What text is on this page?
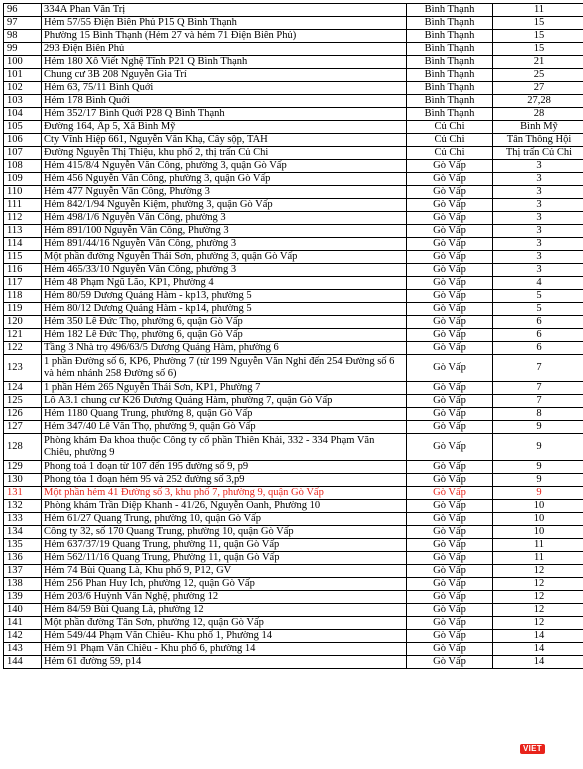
96	334A Phan Văn Trị	Bình Thạnh	11
97	Hẻm 57/55 Điện Biên Phủ P15 Q Bình Thạnh	Bình Thạnh	15
98	Phường 15 Bình Thạnh (Hẻm 27 và hẻm 71 Điện Biên Phủ)	Bình Thạnh	15
99	293 Điện Biên Phủ	Bình Thạnh	15
100	Hẻm 180 Xô Viết Nghệ Tĩnh P21 Q Bình Thạnh	Bình Thạnh	21
101	Chung cư 3B 208 Nguyễn Gia Trí	Bình Thạnh	25
102	Hẻm 63, 75/11 Bình Quới	Bình Thạnh	27
103	Hẻm 178 Bình Quới	Bình Thạnh	27,28
104	Hẻm 352/17 Bình Quới P28 Q Bình Thạnh	Bình Thạnh	28
105	Đường 164, Ấp 5, Xã Bình Mỹ	Củ Chi	Bình Mỹ
106	Cty Vĩnh Hiệp 661, Nguyễn Văn Khạ, Cây sộp, TAH	Củ Chi	Tân Thông Hội
107	Đường Nguyễn Thị Thiệu, khu phố 2, thị trấn Củ Chi	Củ Chi	Thị trấn Củ Chi
108	Hẻm 415/8/4 Nguyễn Văn Công, phường 3, quận Gò Vấp	Gò Vấp	3
109	Hẻm 456 Nguyễn Văn Công, phường 3, quận Gò Vấp	Gò Vấp	3
110	Hẻm 477 Nguyễn Văn Công, Phường 3	Gò Vấp	3
111	Hẻm 842/1/94 Nguyễn Kiệm, phường 3, quận Gò Vấp	Gò Vấp	3
112	Hẻm 498/1/6 Nguyễn Văn Công, phường 3	Gò Vấp	3
113	Hẻm 891/100 Nguyễn Văn Công, Phường 3	Gò Vấp	3
114	Hẻm 891/44/16 Nguyễn Văn Công, phường 3	Gò Vấp	3
115	Một phần đường Nguyễn Thái Sơn, phường 3, quận Gò Vấp	Gò Vấp	3
116	Hẻm 465/33/10 Nguyễn Văn Công, phường 3	Gò Vấp	3
117	Hẻm 48 Phạm Ngũ Lão, KP1, Phường 4	Gò Vấp	4
118	Hẻm 80/59 Dương Quảng Hàm - kp13, phường 5	Gò Vấp	5
119	Hẻm 80/12 Dương Quảng Hàm - kp14, phường 5	Gò Vấp	5
120	Hẻm 350 Lê Đức Thọ, phường 6, quận Gò Vấp	Gò Vấp	6
121	Hẻm 182 Lê Đức Thọ, phường 6, quận Gò Vấp	Gò Vấp	6
122	Tầng 3 Nhà trọ 496/63/5 Dương Quảng Hàm, phường 6	Gò Vấp	6
123	1 phần Đường số 6, KP6, Phường 7 (từ 199 Nguyễn Văn Nghi đến 254 Đường số 6 và hẻm nhánh 258 Đường số 6)	Gò Vấp	7
124	1 phần Hẻm 265 Nguyễn Thái Sơn, KP1, Phường 7	Gò Vấp	7
125	Lô A3.1 chung cư K26 Dương Quảng Hàm, phường 7, quận Gò Vấp	Gò Vấp	7
126	Hẻm 1180 Quang Trung, phường 8, quận Gò Vấp	Gò Vấp	8
127	Hẻm 347/40 Lê Văn Thọ, phường 9, quận Gò Vấp	Gò Vấp	9
128	Phòng khám Đa khoa thuộc Công ty cổ phần Thiên Khải, 332 - 334 Phạm Văn Chiêu, phường 9	Gò Vấp	9
129	Phong toả 1 đoạn từ 107 đến 195 đường số 9, p9	Gò Vấp	9
130	Phong tỏa 1 đoạn hẻm 95 và 252 đường số 3,p9	Gò Vấp	9
131	Một phần hẻm 41 Đường số 3, khu phố 7, phường 9, quận Gò Vấp	Gò Vấp	9
132	Phòng khám Trần Diệp Khanh - 41/26, Nguyễn Oanh, Phường 10	Gò Vấp	10
133	Hẻm 61/27 Quang Trung, phường 10, quận Gò Vấp	Gò Vấp	10
134	Công ty 32, số 170 Quang Trung, phường 10, quận Gò Vấp	Gò Vấp	10
135	Hẻm 637/37/19 Quang Trung, phường 11, quận Gò Vấp	Gò Vấp	11
136	Hẻm 562/11/16 Quang Trung, Phường 11, quận Gò Vấp	Gò Vấp	11
137	Hẻm 74 Bùi Quang Là, Khu phố 9, P12, GV	Gò Vấp	12
138	Hẻm 256 Phan Huy Ích, phường 12, quận Gò Vấp	Gò Vấp	12
139	Hẻm 203/6 Huỳnh Văn Nghệ, phường 12	Gò Vấp	12
140	Hẻm 84/59 Bùi Quang Là, phường 12	Gò Vấp	12
141	Một phần đường Tân Sơn, phường 12, quận Gò Vấp	Gò Vấp	12
142	Hẻm 549/44 Phạm Văn Chiêu- Khu phố 1, Phường 14	Gò Vấp	14
143	Hẻm 91 Phạm Văn Chiêu - Khu phố 6, phường 14	Gò Vấp	14
144	Hẻm 61 đường 59, p14	Gò Vấp	14
VIET
